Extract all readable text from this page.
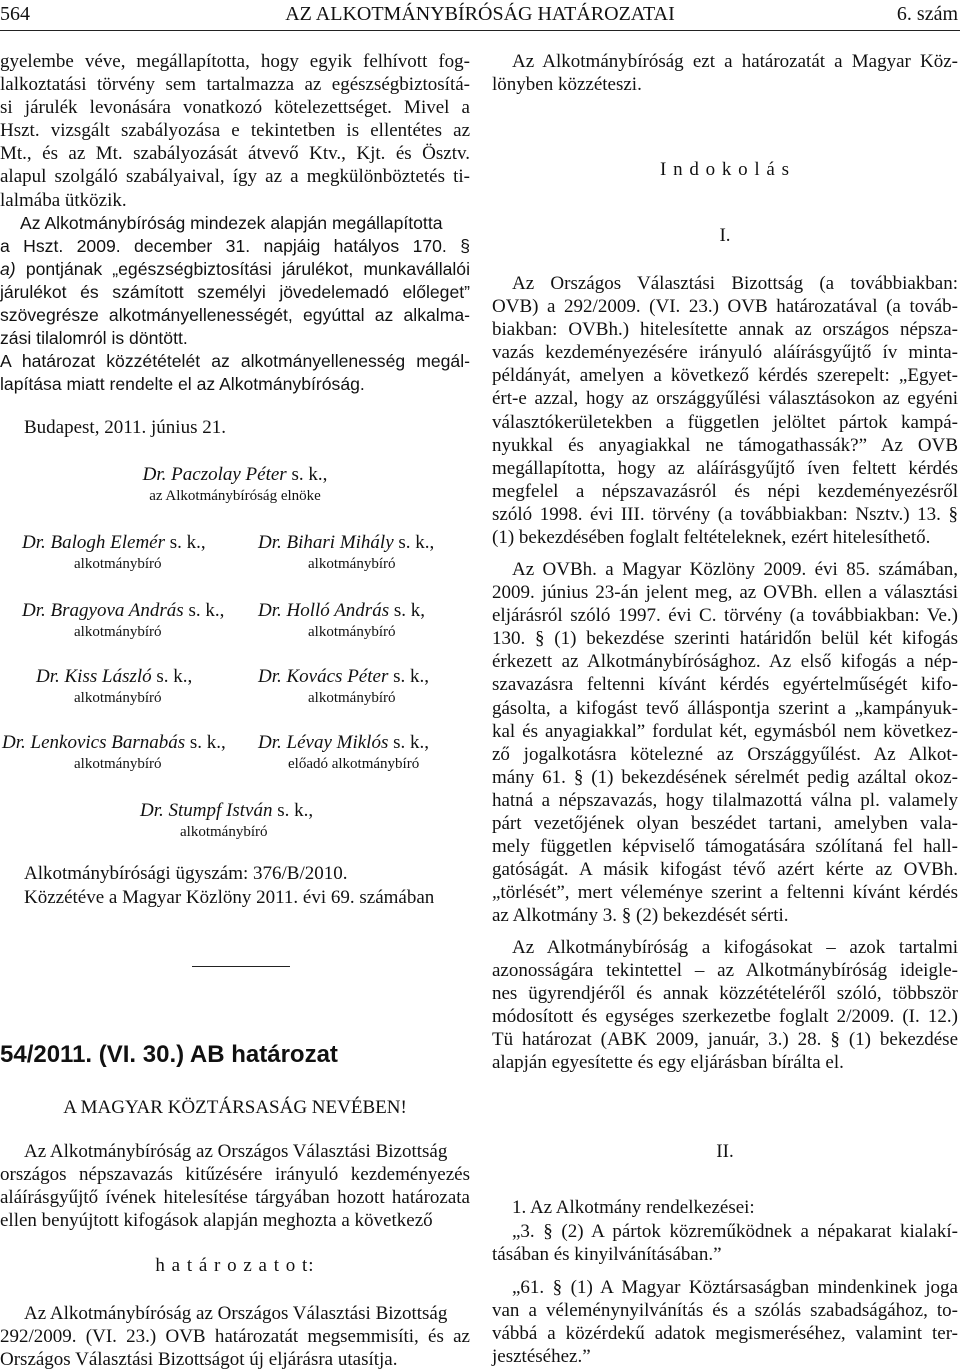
564	AZ ALKOTMÁNYBÍRÓSÁG HATÁROZATAI	6. szám
gyelembe véve, megállapította, hogy egyik felhívott fog-
lalkoztatási törvény sem tartalmazza az egészségbiztosítá-
si járulék levonására vonatkozó kötelezettséget. Mivel a
Hszt. vizsgált szabályozása e tekintetben is ellentétes az
Mt., és az Mt. szabályozását átvevő Ktv., Kjt. és Ösztv.
alapul szolgáló szabályaival, így az a megkülönböztetés ti-
lalmába ütközik.
Az Alkotmánybíróság mindezek alapján megállapította
a Hszt. 2009. december 31. napjáig hatályos 170. §
a) pontjának „egészségbiztosítási járulékot, munkavállalói
járulékot és számított személyi jövedelemadó előleget”
szövegrésze alkotmányellenességét, egyúttal az alkalma-
zási tilalomról is döntött.
A határozat közzétételét az alkotmányellenesség megál-
lapítása miatt rendelte el az Alkotmánybíróság.
Budapest, 2011. június 21.
Dr. Paczolay Péter s. k.,
az Alkotmánybíróság elnöke
Dr. Balogh Elemér s. k.,
alkotmánybíró
Dr. Bihari Mihály s. k.,
alkotmánybíró
Dr. Bragyova András s. k.,
alkotmánybíró
Dr. Holló András s. k,
alkotmánybíró
Dr. Kiss László s. k.,
alkotmánybíró
Dr. Kovács Péter s. k.,
alkotmánybíró
Dr. Lenkovics Barnabás s. k.,
alkotmánybíró
Dr. Lévay Miklós s. k.,
előadó alkotmánybíró
Dr. Stumpf István s. k.,
alkotmánybíró
Alkotmánybírósági ügyszám: 376/B/2010.
Közzétéve a Magyar Közlöny 2011. évi 69. számában
54/2011. (VI. 30.) AB határozat
A MAGYAR KÖZTÁRSASÁG NEVÉBEN!
Az Alkotmánybíróság az Országos Választási Bizottság
országos népszavazás kitűzésére irányuló kezdeményezés
aláírásgyűjtő ívének hitelesítése tárgyában hozott határozata
ellen benyújtott kifogások alapján meghozta a következő
h a t á r o z a t o t:
Az Alkotmánybíróság az Országos Választási Bizottság
292/2009. (VI. 23.) OVB határozatát megsemmisíti, és az
Országos Választási Bizottságot új eljárásra utasítja.
Az Alkotmánybíróság ezt a határozatát a Magyar Köz-
lönyben közzéteszi.
I n d o k o l á s
I.
Az Országos Választási Bizottság (a továbbiakban:
OVB) a 292/2009. (VI. 23.) OVB határozatával (a továb-
biakban: OVBh.) hitelesítette annak az országos népsza-
vazás kezdeményezésére irányuló aláírásgyűjtő ív minta-
példányát, amelyen a következő kérdés szerepelt: „Egyet-
ért-e azzal, hogy az országgyűlési választásokon az egyéni
választókerületekben a független jelöltet pártok kampá-
nyukkal és anyagiakkal ne támogathassák?” Az OVB
megállapította, hogy az aláírásgyűjtő íven feltett kérdés
megfelel a népszavazásról és népi kezdeményezésről
szóló 1998. évi III. törvény (a továbbiakban: Nsztv.) 13. §
(1) bekezdésében foglalt feltételeknek, ezért hitelesíthető.
Az OVBh. a Magyar Közlöny 2009. évi 85. számában,
2009. június 23-án jelent meg, az OVBh. ellen a választási
eljárásról szóló 1997. évi C. törvény (a továbbiakban: Ve.)
130. § (1) bekezdése szerinti határidőn belül két kifogás
érkezett az Alkotmánybírósághoz. Az első kifogás a nép-
szavazásra feltenni kívánt kérdés egyértelműségét kifo-
gásolta, a kifogást tevő álláspontja szerint a „kampányuk-
kal és anyagiakkal” fordulat két, egymásból nem következ-
ző jogalkotásra kötelezné az Országgyűlést. Az Alkot-
mány 61. § (1) bekezdésének sérelmét pedig azáltal okoz-
hatná a népszavazás, hogy tilalmazottá válna pl. valamely
párt vezetőjének olyan beszédet tartani, amelyben vala-
mely független képviselő támogatására szólítaná fel hall-
gatóságát. A másik kifogást tévő azért kérte az OVBh.
„törlését”, mert véleménye szerint a feltenni kívánt kérdés
az Alkotmány 3. § (2) bekezdését sérti.
Az Alkotmánybíróság a kifogásokat – azok tartalmi
azonosságára tekintettel – az Alkotmánybíróság ideigle-
nes ügyrendjéről és annak közzétételéről szóló, többször
módosított és egységes szerkezetbe foglalt 2/2009. (I. 12.)
Tü határozat (ABK 2009, január, 3.) 28. § (1) bekezdése
alapján egyesítette és egy eljárásban bírálta el.
II.
1. Az Alkotmány rendelkezései:
„3. § (2) A pártok közreműködnek a népakarat kialakí-
tásában és kinyilvánításában.”
„61. § (1) A Magyar Köztársaságban mindenkinek joga
van a véleménynyilvánítás és a szólás szabadságához, to-
vábbá a közérdekű adatok megismeréséhez, valamint ter-
jesztéséhez.”
